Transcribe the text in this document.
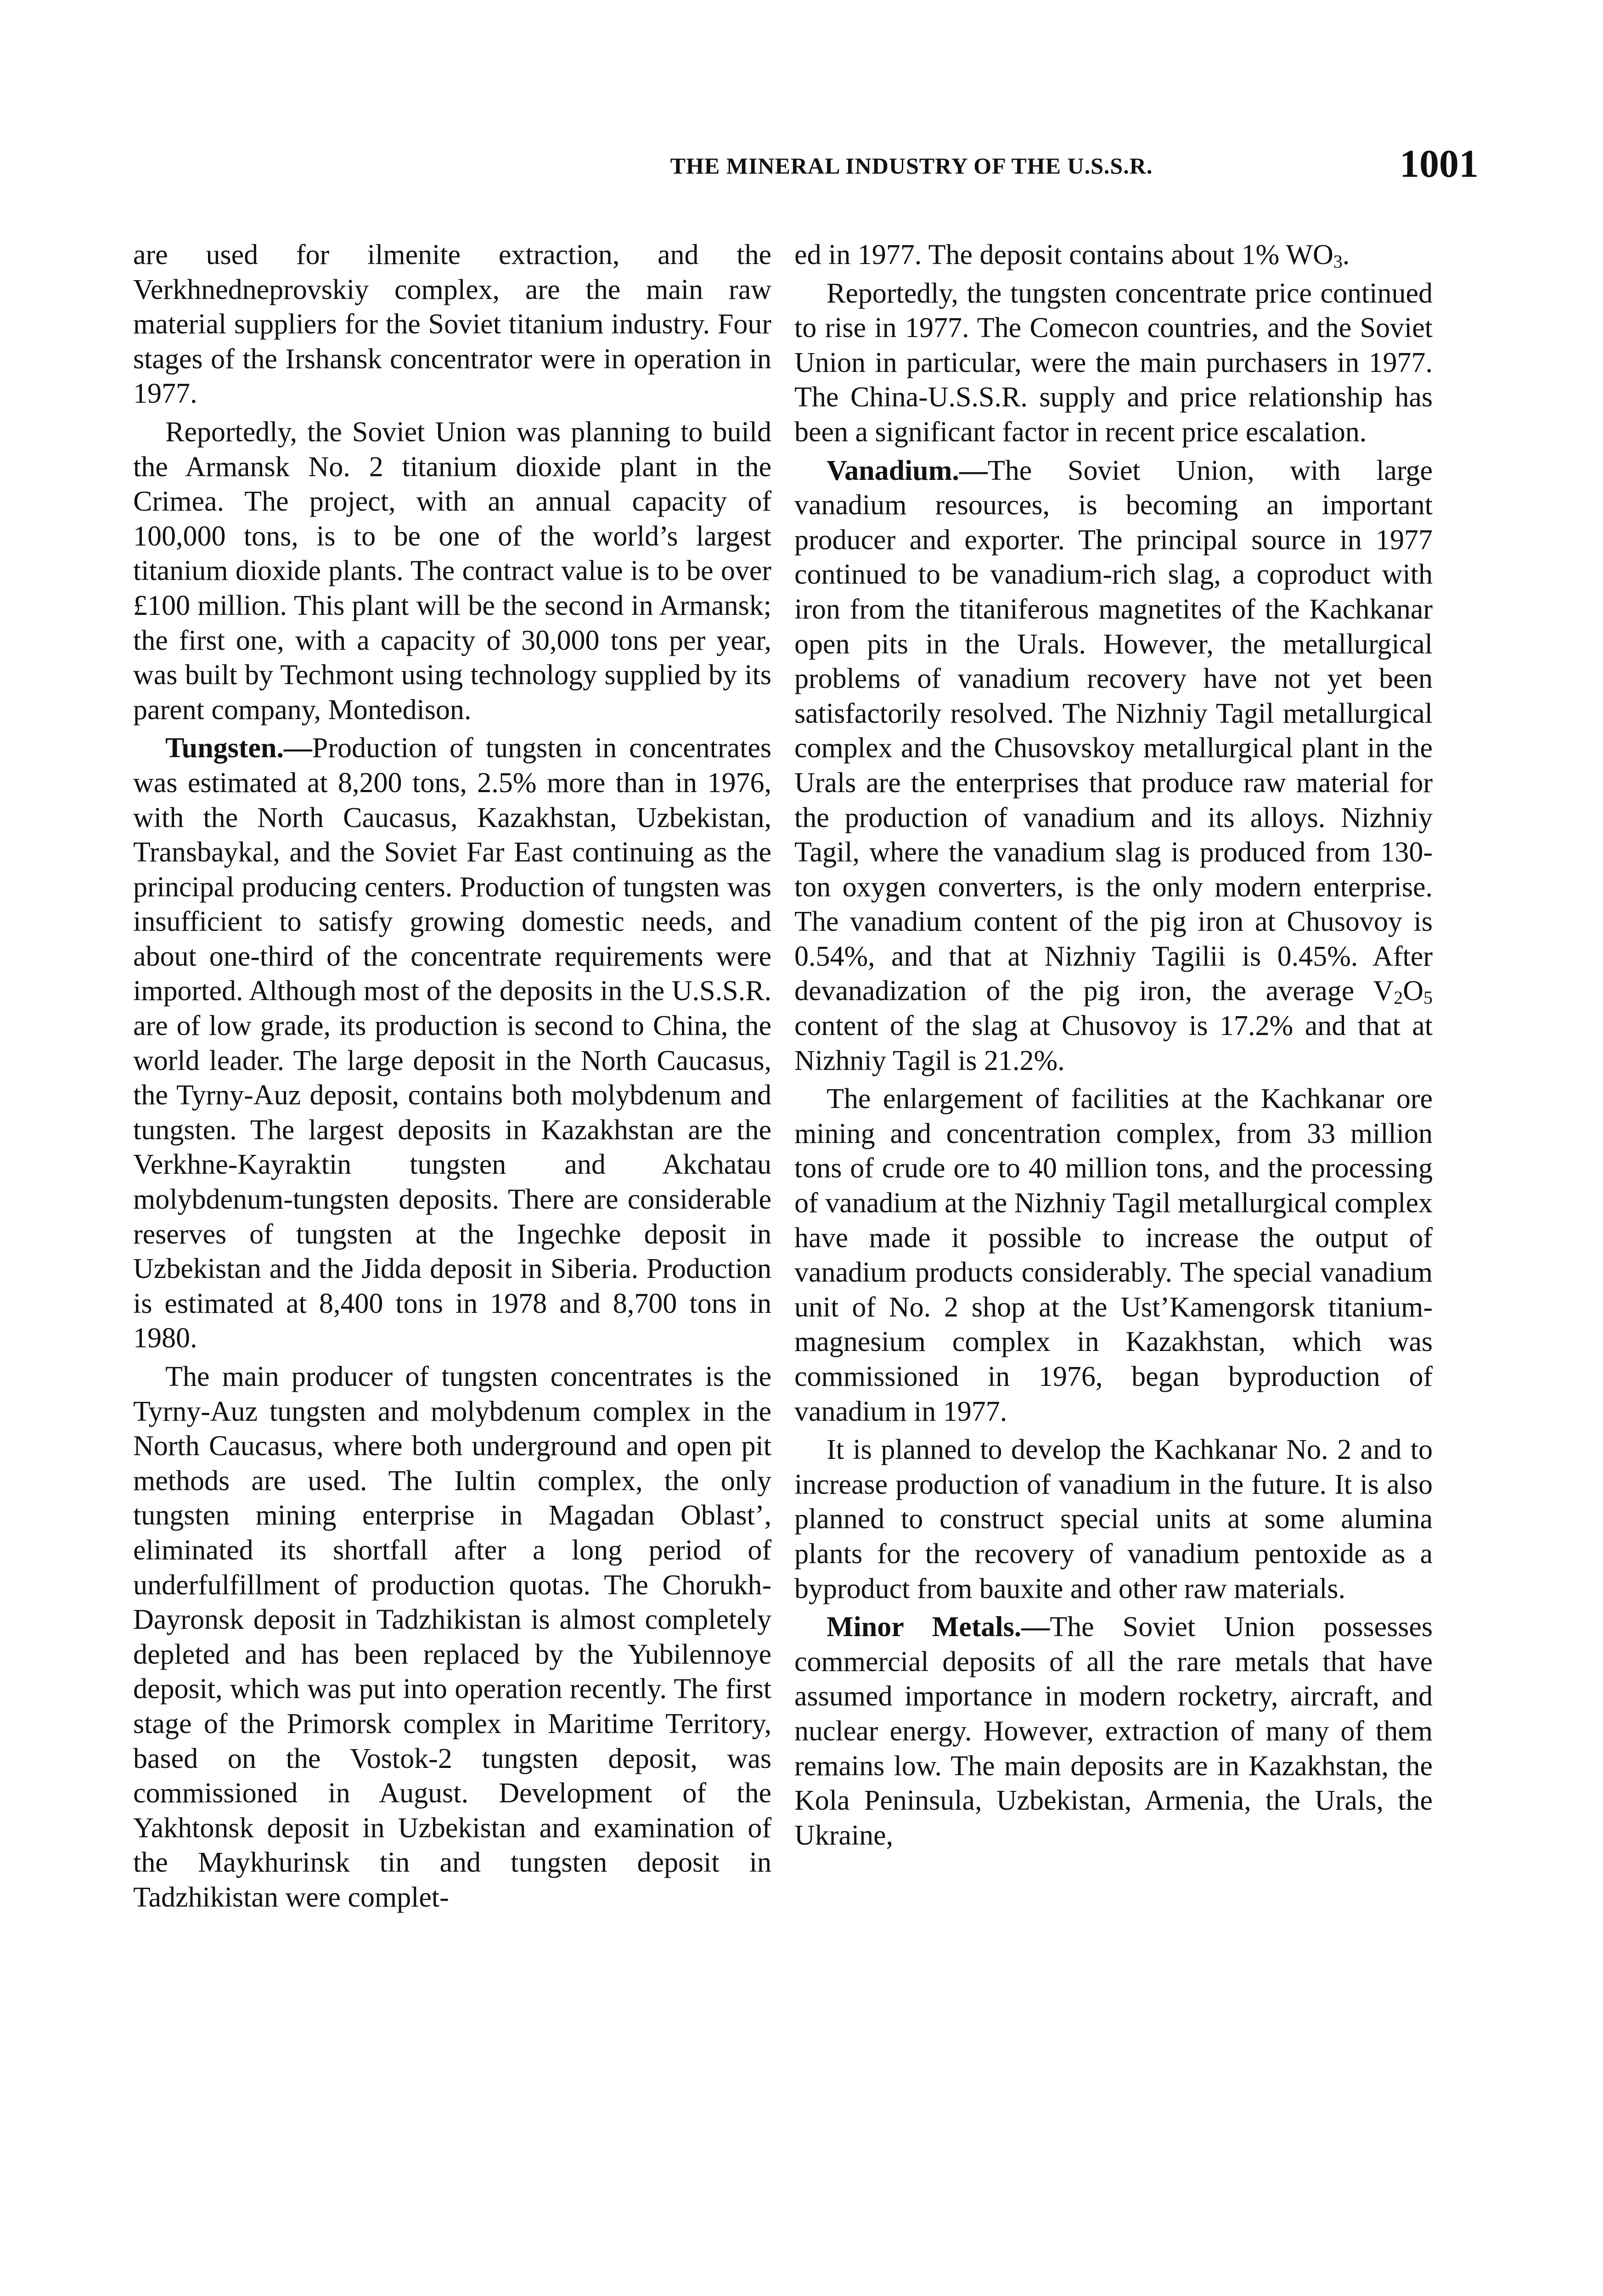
THE MINERAL INDUSTRY OF THE U.S.S.R.	1001

are used for ilmenite extraction, and the Verkhnedneprovskiy complex, are the main raw material suppliers for the Soviet titanium industry. Four stages of the Irshansk concentrator were in operation in 1977.

Reportedly, the Soviet Union was planning to build the Armansk No. 2 titanium dioxide plant in the Crimea. The project, with an annual capacity of 100,000 tons, is to be one of the world’s largest titanium dioxide plants. The contract value is to be over £100 million. This plant will be the second in Armansk; the first one, with a capacity of 30,000 tons per year, was built by Techmont using technology supplied by its parent company, Montedison.

Tungsten.—Production of tungsten in concentrates was estimated at 8,200 tons, 2.5% more than in 1976, with the North Caucasus, Kazakhstan, Uzbekistan, Transbaykal, and the Soviet Far East continuing as the principal producing centers. Production of tungsten was insufficient to satisfy growing domestic needs, and about one-third of the concentrate requirements were imported. Although most of the deposits in the U.S.S.R. are of low grade, its production is second to China, the world leader. The large deposit in the North Caucasus, the Tyrny-Auz deposit, contains both molybdenum and tungsten. The largest deposits in Kazakhstan are the Verkhne-Kayraktin tungsten and Akchatau molybdenum-tungsten deposits. There are considerable reserves of tungsten at the Ingechke deposit in Uzbekistan and the Jidda deposit in Siberia. Production is estimated at 8,400 tons in 1978 and 8,700 tons in 1980.

The main producer of tungsten concentrates is the Tyrny-Auz tungsten and molybdenum complex in the North Caucasus, where both underground and open pit methods are used. The Iultin complex, the only tungsten mining enterprise in Magadan Oblast’, eliminated its shortfall after a long period of underfulfillment of production quotas. The Chorukh-Dayronsk deposit in Tadzhikistan is almost completely depleted and has been replaced by the Yubilennoye deposit, which was put into operation recently. The first stage of the Primorsk complex in Maritime Territory, based on the Vostok-2 tungsten deposit, was commissioned in August. Development of the Yakhtonsk deposit in Uzbekistan and examination of the Maykhurinsk tin and tungsten deposit in Tadzhikistan were complet-

ed in 1977. The deposit contains about 1% $WO_3$.

Reportedly, the tungsten concentrate price continued to rise in 1977. The Comecon countries, and the Soviet Union in particular, were the main purchasers in 1977. The China-U.S.S.R. supply and price relationship has been a significant factor in recent price escalation.

Vanadium.—The Soviet Union, with large vanadium resources, is becoming an important producer and exporter. The principal source in 1977 continued to be vanadium-rich slag, a coproduct with iron from the titaniferous magnetites of the Kachkanar open pits in the Urals. However, the metallurgical problems of vanadium recovery have not yet been satisfactorily resolved. The Nizhniy Tagil metallurgical complex and the Chusovskoy metallurgical plant in the Urals are the enterprises that produce raw material for the production of vanadium and its alloys. Nizhniy Tagil, where the vanadium slag is produced from 130-ton oxygen converters, is the only modern enterprise. The vanadium content of the pig iron at Chusovoy is 0.54%, and that at Nizhniy Tagilii is 0.45%. After devanadization of the pig iron, the average $V_2O_5$ content of the slag at Chusovoy is 17.2% and that at Nizhniy Tagil is 21.2%.

The enlargement of facilities at the Kachkanar ore mining and concentration complex, from 33 million tons of crude ore to 40 million tons, and the processing of vanadium at the Nizhniy Tagil metallurgical complex have made it possible to increase the output of vanadium products considerably. The special vanadium unit of No. 2 shop at the Ust’Kamengorsk titanium-magnesium complex in Kazakhstan, which was commissioned in 1976, began byproduction of vanadium in 1977.

It is planned to develop the Kachkanar No. 2 and to increase production of vanadium in the future. It is also planned to construct special units at some alumina plants for the recovery of vanadium pentoxide as a byproduct from bauxite and other raw materials.

Minor Metals.—The Soviet Union possesses commercial deposits of all the rare metals that have assumed importance in modern rocketry, aircraft, and nuclear energy. However, extraction of many of them remains low. The main deposits are in Kazakhstan, the Kola Peninsula, Uzbekistan, Armenia, the Urals, the Ukraine,
